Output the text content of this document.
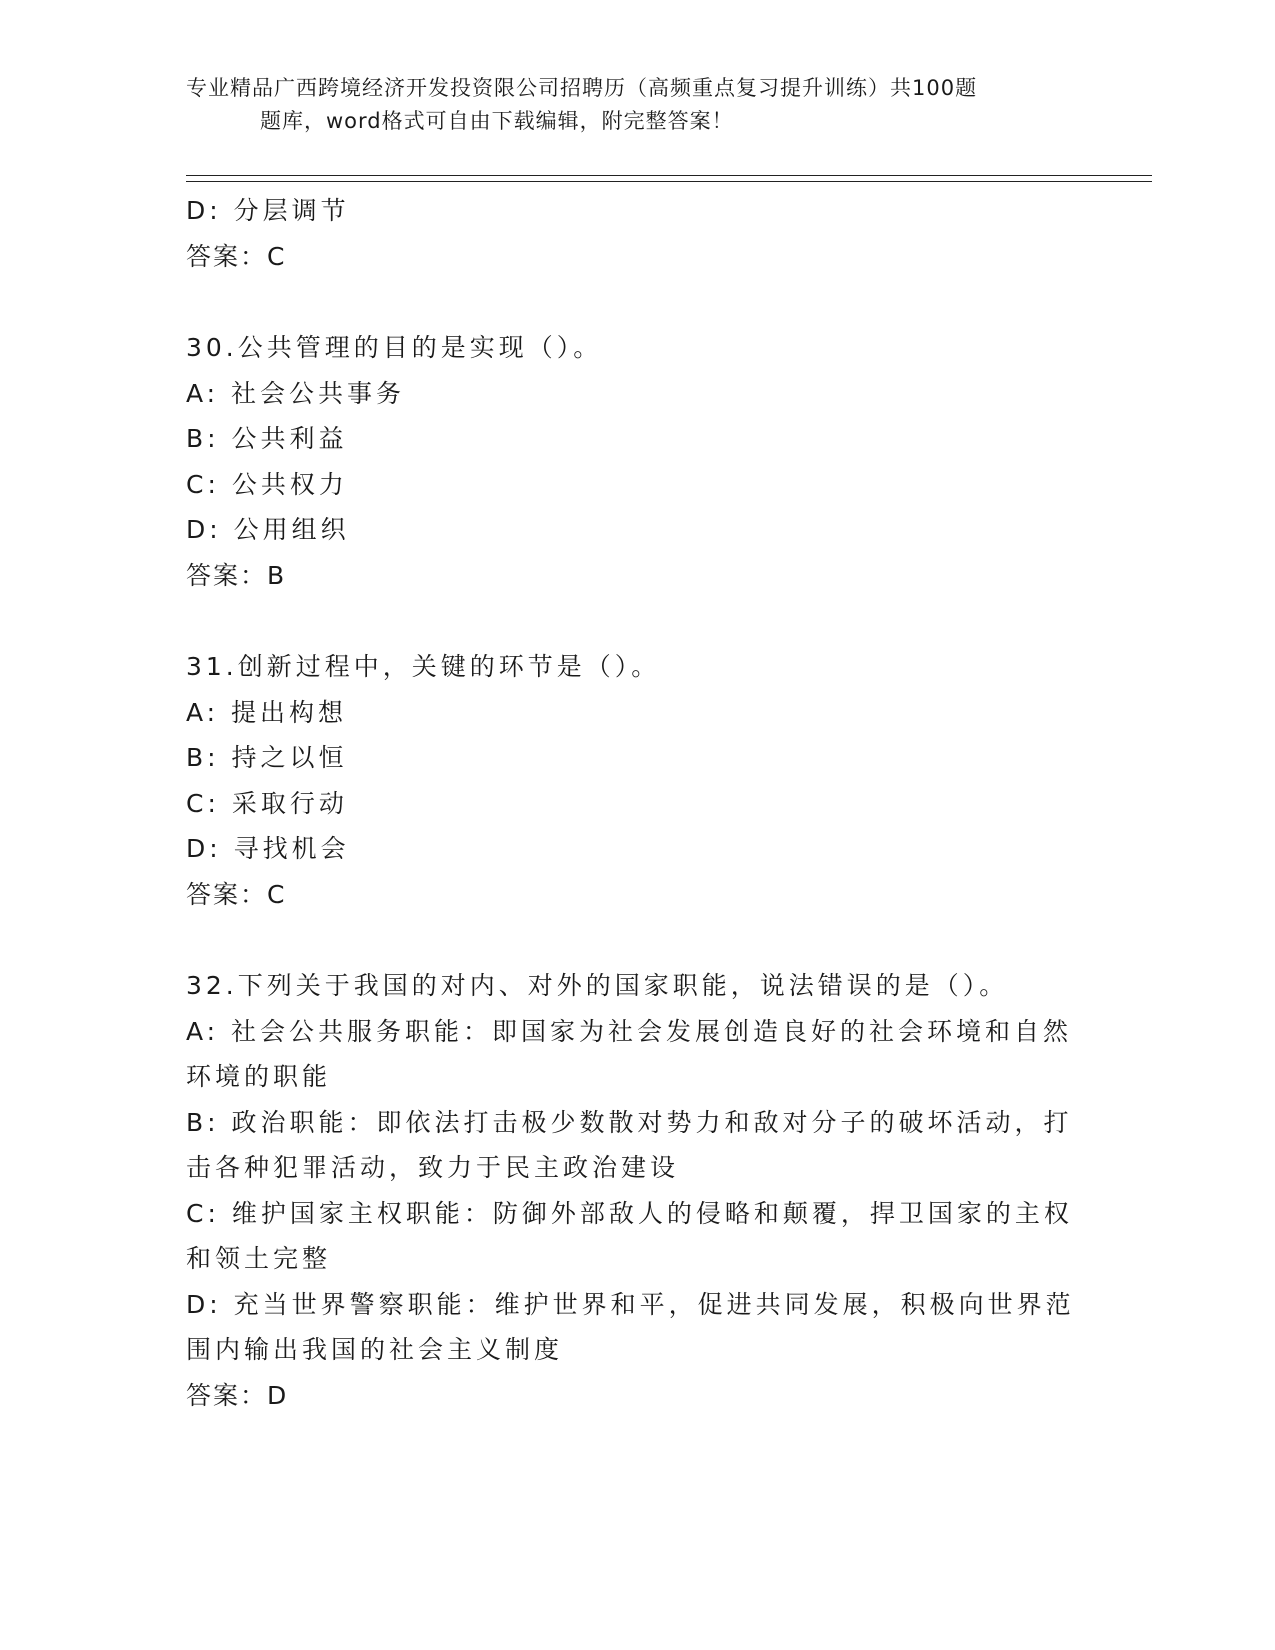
专业精品广西跨境经济开发投资限公司招聘历（高频重点复习提升训练）共100题
题库，word格式可自由下载编辑，附完整答案！
D: 分层调节
答案：C
30.公共管理的目的是实现（）。
A: 社会公共事务
B: 公共利益
C: 公共权力
D: 公用组织
答案：B
31.创新过程中，关键的环节是（）。
A: 提出构想
B: 持之以恒
C: 采取行动
D: 寻找机会
答案：C
32.下列关于我国的对内、对外的国家职能，说法错误的是（）。
A: 社会公共服务职能：即国家为社会发展创造良好的社会环境和自然环境的职能
B: 政治职能：即依法打击极少数散对势力和敌对分子的破坏活动，打击各种犯罪活动，致力于民主政治建设
C: 维护国家主权职能：防御外部敌人的侵略和颠覆，捍卫国家的主权和领土完整
D: 充当世界警察职能：维护世界和平，促进共同发展，积极向世界范围内输出我国的社会主义制度
答案：D
